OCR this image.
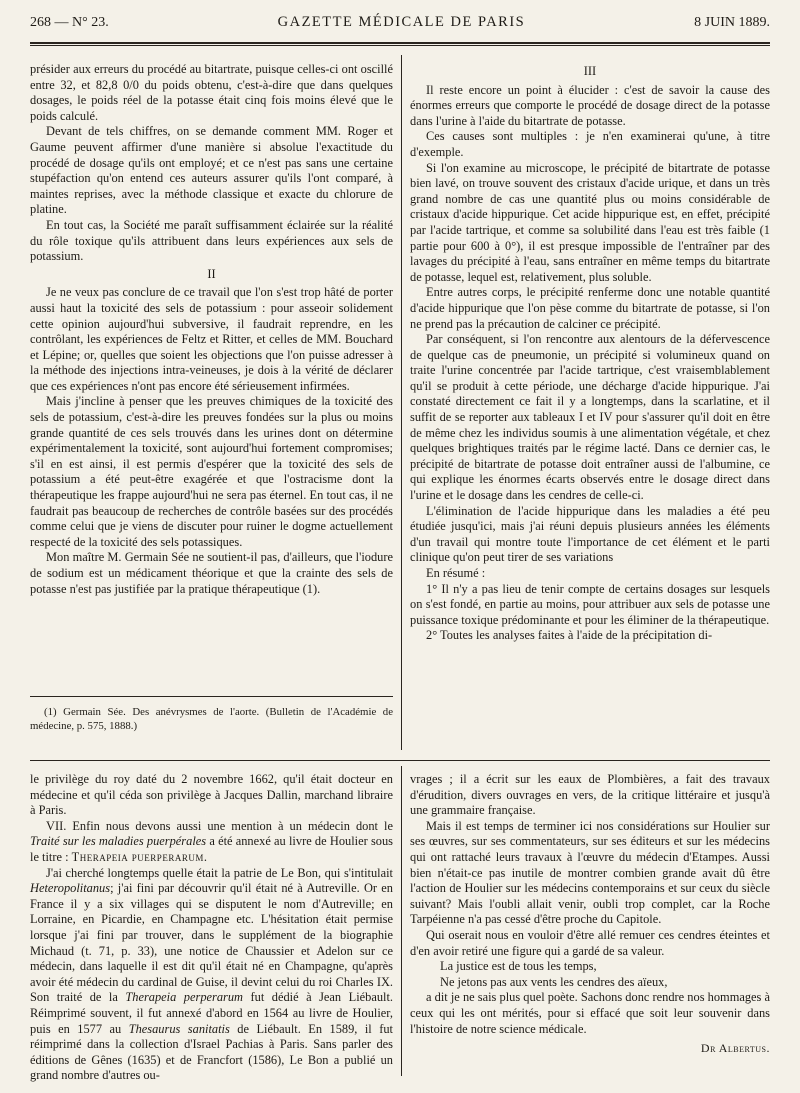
268 — N° 23.	GAZETTE MÉDICALE DE PARIS	8 JUIN 1889.

présider aux erreurs du procédé au bitartrate, puisque celles-ci ont oscillé entre 32, et 82,8 0/0 du poids obtenu, c'est-à-dire que dans quelques dosages, le poids réel de la potasse était cinq fois moins élevé que le poids calculé.

Devant de tels chiffres, on se demande comment MM. Roger et Gaume peuvent affirmer d'une manière si absolue l'exactitude du procédé de dosage qu'ils ont employé; et ce n'est pas sans une certaine stupéfaction qu'on entend ces auteurs assurer qu'ils l'ont comparé, à maintes reprises, avec la méthode classique et exacte du chlorure de platine.

En tout cas, la Société me paraît suffisamment éclairée sur la réalité du rôle toxique qu'ils attribuent dans leurs expériences aux sels de potassium.

II

Je ne veux pas conclure de ce travail que l'on s'est trop hâté de porter aussi haut la toxicité des sels de potassium : pour asseoir solidement cette opinion aujourd'hui subversive, il faudrait reprendre, en les contrôlant, les expériences de Feltz et Ritter, et celles de MM. Bouchard et Lépine; or, quelles que soient les objections que l'on puisse adresser à la méthode des injections intra-veineuses, je dois à la vérité de déclarer que ces expériences n'ont pas encore été sérieusement infirmées.

Mais j'incline à penser que les preuves chimiques de la toxicité des sels de potassium, c'est-à-dire les preuves fondées sur la plus ou moins grande quantité de ces sels trouvés dans les urines dont on détermine expérimentalement la toxicité, sont aujourd'hui fortement compromises; s'il en est ainsi, il est permis d'espérer que la toxicité des sels de potassium a été peut-être exagérée et que l'ostracisme dont la thérapeutique les frappe aujourd'hui ne sera pas éternel. En tout cas, il ne faudrait pas beaucoup de recherches de contrôle basées sur des procédés comme celui que je viens de discuter pour ruiner le dogme actuellement respecté de la toxicité des sels potassiques.

Mon maître M. Germain Sée ne soutient-il pas, d'ailleurs, que l'iodure de sodium est un médicament théorique et que la crainte des sels de potasse n'est pas justifiée par la pratique thérapeutique (1).

(1) Germain Sée. Des anévrysmes de l'aorte. (Bulletin de l'Académie de médecine, p. 575, 1888.)

III

Il reste encore un point à élucider : c'est de savoir la cause des énormes erreurs que comporte le procédé de dosage direct de la potasse dans l'urine à l'aide du bitartrate de potasse.

Ces causes sont multiples : je n'en examinerai qu'une, à titre d'exemple.

Si l'on examine au microscope, le précipité de bitartrate de potasse bien lavé, on trouve souvent des cristaux d'acide urique, et dans un très grand nombre de cas une quantité plus ou moins considérable de cristaux d'acide hippurique. Cet acide hippurique est, en effet, précipité par l'acide tartrique, et comme sa solubilité dans l'eau est très faible (1 partie pour 600 à 0°), il est presque impossible de l'entraîner par des lavages du précipité à l'eau, sans entraîner en même temps du bitartrate de potasse, lequel est, relativement, plus soluble.

Entre autres corps, le précipité renferme donc une notable quantité d'acide hippurique que l'on pèse comme du bitartrate de potasse, si l'on ne prend pas la précaution de calciner ce précipité.

Par conséquent, si l'on rencontre aux alentours de la défervescence de quelque cas de pneumonie, un précipité si volumineux quand on traite l'urine concentrée par l'acide tartrique, c'est vraisemblablement qu'il se produit à cette période, une décharge d'acide hippurique. J'ai constaté directement ce fait il y a longtemps, dans la scarlatine, et il suffit de se reporter aux tableaux I et IV pour s'assurer qu'il doit en être de même chez les individus soumis à une alimentation végétale, et chez quelques brightiques traités par le régime lacté. Dans ce dernier cas, le précipité de bitartrate de potasse doit entraîner aussi de l'albumine, ce qui explique les énormes écarts observés entre le dosage direct dans l'urine et le dosage dans les cendres de celle-ci.

L'élimination de l'acide hippurique dans les maladies a été peu étudiée jusqu'ici, mais j'ai réuni depuis plusieurs années les éléments d'un travail qui montre toute l'importance de cet élément et le parti clinique qu'on peut tirer de ses variations

En résumé :

1° Il n'y a pas lieu de tenir compte de certains dosages sur lesquels on s'est fondé, en partie au moins, pour attribuer aux sels de potasse une puissance toxique prédominante et pour les éliminer de la thérapeutique.

2° Toutes les analyses faites à l'aide de la précipitation di-

le privilège du roy daté du 2 novembre 1662, qu'il était docteur en médecine et qu'il céda son privilège à Jacques Dallin, marchand libraire à Paris.

VII. Enfin nous devons aussi une mention à un médecin dont le Traité sur les maladies puerpérales a été annexé au livre de Houlier sous le titre : Therapeia puerperarum.

J'ai cherché longtemps quelle était la patrie de Le Bon, qui s'intitulait Heteropolitanus; j'ai fini par découvrir qu'il était né à Autreville. Or en France il y a six villages qui se disputent le nom d'Autreville; en Lorraine, en Picardie, en Champagne etc. L'hésitation était permise lorsque j'ai fini par trouver, dans le supplément de la biographie Michaud (t. 71, p. 33), une notice de Chaussier et Adelon sur ce médecin, dans laquelle il est dit qu'il était né en Champagne, qu'après avoir été médecin du cardinal de Guise, il devint celui du roi Charles IX. Son traité de la Therapeia perperarum fut dédié à Jean Liébault. Réimprimé souvent, il fut annexé d'abord en 1564 au livre de Houlier, puis en 1577 au Thesaurus sanitatis de Liébault. En 1589, il fut réimprimé dans la collection d'Israel Pachias à Paris. Sans parler des éditions de Gênes (1635) et de Francfort (1586), Le Bon a publié un grand nombre d'autres ou-

vrages ; il a écrit sur les eaux de Plombières, a fait des travaux d'érudition, divers ouvrages en vers, de la critique littéraire et jusqu'à une grammaire française.

Mais il est temps de terminer ici nos considérations sur Houlier sur ses œuvres, sur ses commentateurs, sur ses éditeurs et sur les médecins qui ont rattaché leurs travaux à l'œuvre du médecin d'Etampes. Aussi bien n'était-ce pas inutile de montrer combien grande avait dû être l'action de Houlier sur les médecins contemporains et sur ceux du siècle suivant? Mais l'oubli allait venir, oubli trop complet, car la Roche Tarpéienne n'a pas cessé d'être proche du Capitole.

Qui oserait nous en vouloir d'être allé remuer ces cendres éteintes et d'en avoir retiré une figure qui a gardé de sa valeur.

La justice est de tous les temps,

Ne jetons pas aux vents les cendres des aïeux,

a dit je ne sais plus quel poète. Sachons donc rendre nos hommages à ceux qui les ont mérités, pour si effacé que soit leur souvenir dans l'histoire de notre science médicale.

Dr Albertus.
